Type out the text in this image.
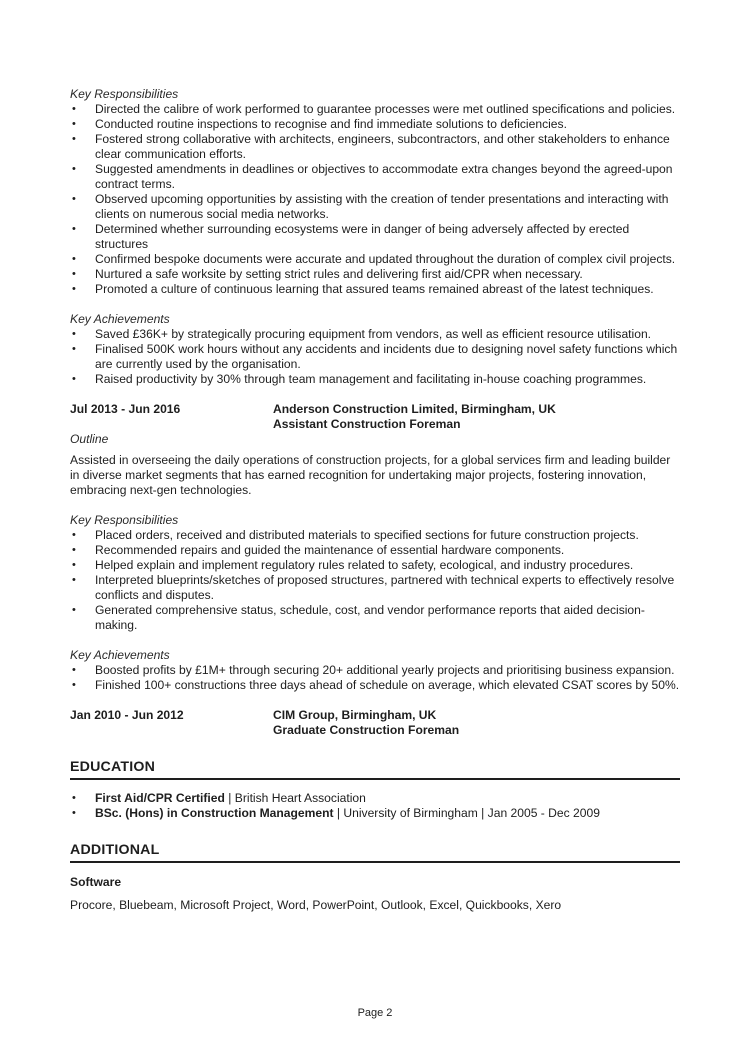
Key Responsibilities

• Directed the calibre of work performed to guarantee processes were met outlined specifications and policies.
• Conducted routine inspections to recognise and find immediate solutions to deficiencies.
• Fostered strong collaborative with architects, engineers, subcontractors, and other stakeholders to enhance clear communication efforts.
• Suggested amendments in deadlines or objectives to accommodate extra changes beyond the agreed-upon contract terms.
• Observed upcoming opportunities by assisting with the creation of tender presentations and interacting with clients on numerous social media networks.
• Determined whether surrounding ecosystems were in danger of being adversely affected by erected structures
• Confirmed bespoke documents were accurate and updated throughout the duration of complex civil projects.
• Nurtured a safe worksite by setting strict rules and delivering first aid/CPR when necessary.
• Promoted a culture of continuous learning that assured teams remained abreast of the latest techniques.

Key Achievements

• Saved £36K+ by strategically procuring equipment from vendors, as well as efficient resource utilisation.
• Finalised 500K work hours without any accidents and incidents due to designing novel safety functions which are currently used by the organisation.
• Raised productivity by 30% through team management and facilitating in-house coaching programmes.
Jul 2013 - Jun 2016	Anderson Construction Limited, Birmingham, UK
Assistant Construction Foreman

Outline

Assisted in overseeing the daily operations of construction projects, for a global services firm and leading builder in diverse market segments that has earned recognition for undertaking major projects, fostering innovation, embracing next-gen technologies.

Key Responsibilities

• Placed orders, received and distributed materials to specified sections for future construction projects.
• Recommended repairs and guided the maintenance of essential hardware components.
• Helped explain and implement regulatory rules related to safety, ecological, and industry procedures.
• Interpreted blueprints/sketches of proposed structures, partnered with technical experts to effectively resolve conflicts and disputes.
• Generated comprehensive status, schedule, cost, and vendor performance reports that aided decision-making.

Key Achievements

• Boosted profits by £1M+ through securing 20+ additional yearly projects and prioritising business expansion.
• Finished 100+ constructions three days ahead of schedule on average, which elevated CSAT scores by 50%.
Jan 2010 - Jun 2012	CIM Group, Birmingham, UK
Graduate Construction Foreman
EDUCATION
• First Aid/CPR Certified | British Heart Association
• BSc. (Hons) in Construction Management | University of Birmingham | Jan 2005 - Dec 2009
ADDITIONAL
Software

Procore, Bluebeam, Microsoft Project, Word, PowerPoint, Outlook, Excel, Quickbooks, Xero

Page 2
